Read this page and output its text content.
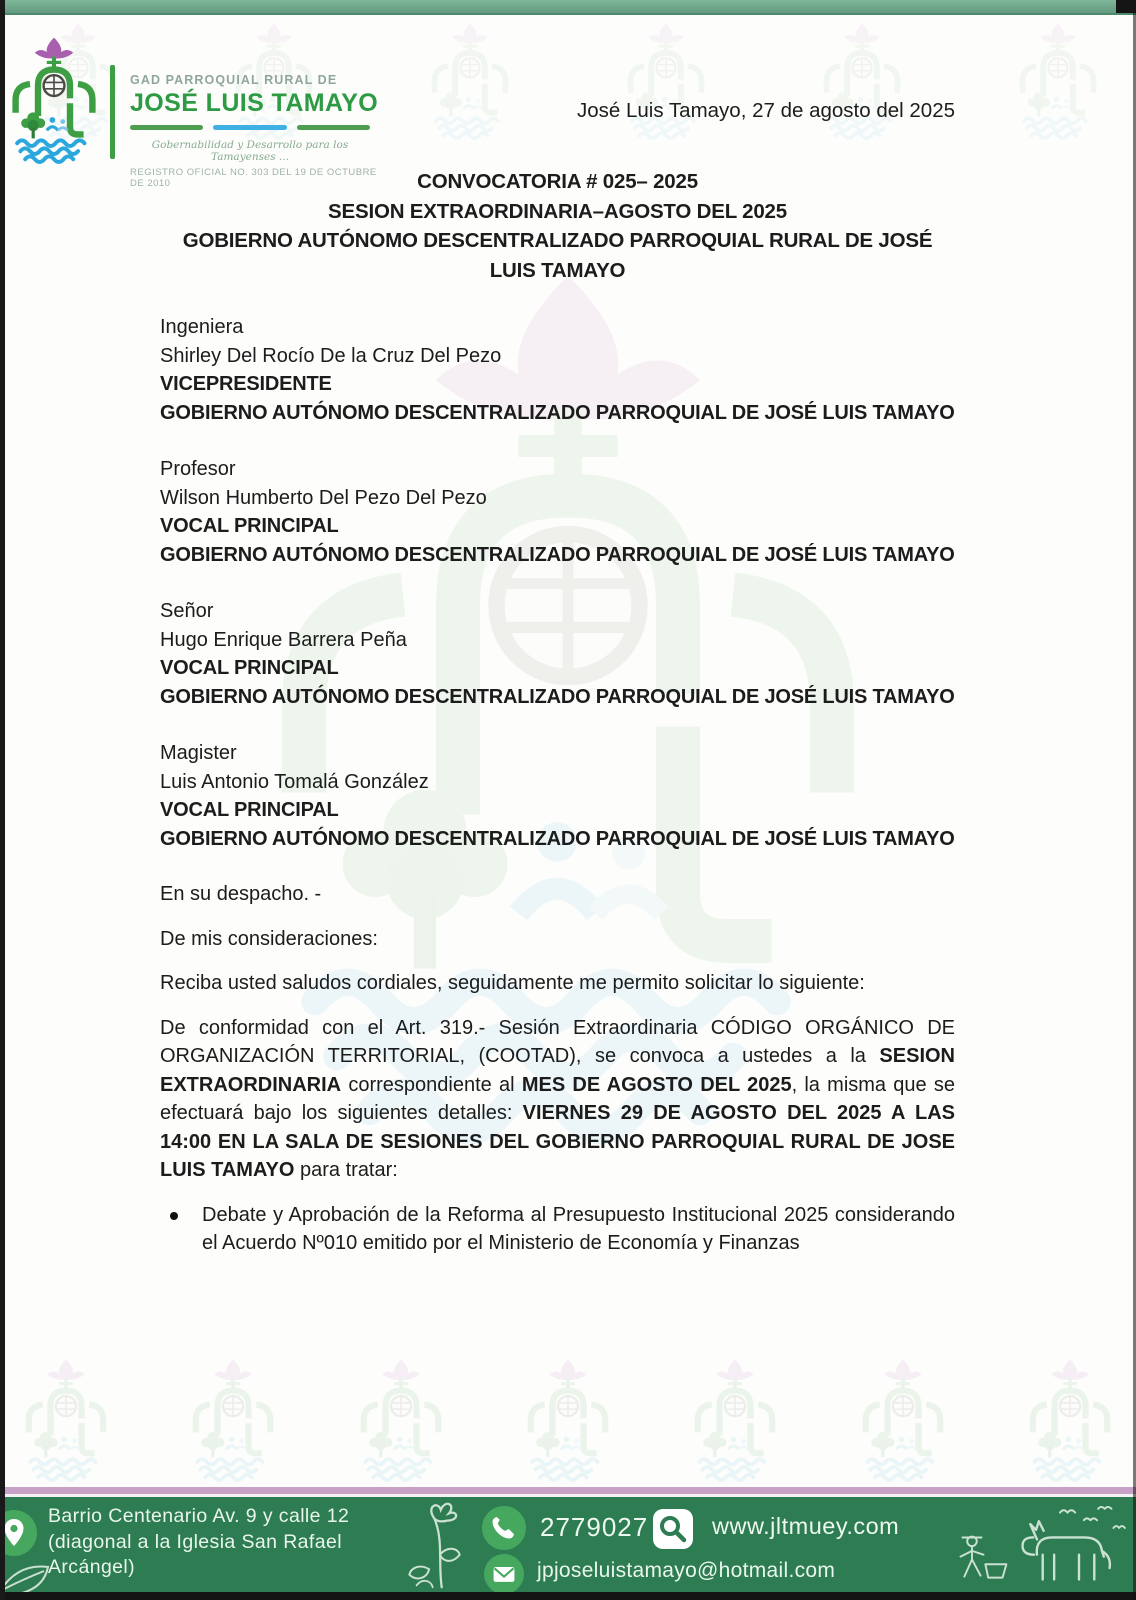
GAD PARROQUIAL RURAL DE
JOSÉ LUIS TAMAYO
Gobernabilidad y Desarrollo para los Tamayenses ...
REGISTRO OFICIAL NO. 303 DEL 19 DE OCTUBRE DE 2010
José Luis Tamayo, 27 de agosto del 2025
CONVOCATORIA # 025– 2025
SESION EXTRAORDINARIA–AGOSTO DEL 2025
GOBIERNO AUTÓNOMO DESCENTRALIZADO PARROQUIAL RURAL DE JOSÉ LUIS TAMAYO
Ingeniera
Shirley Del Rocío De la Cruz Del Pezo
VICEPRESIDENTE
GOBIERNO AUTÓNOMO DESCENTRALIZADO PARROQUIAL DE JOSÉ LUIS TAMAYO
Profesor
Wilson Humberto Del Pezo Del Pezo
VOCAL PRINCIPAL
GOBIERNO AUTÓNOMO DESCENTRALIZADO PARROQUIAL DE JOSÉ LUIS TAMAYO
Señor
Hugo Enrique Barrera Peña
VOCAL PRINCIPAL
GOBIERNO AUTÓNOMO DESCENTRALIZADO PARROQUIAL DE JOSÉ LUIS TAMAYO
Magister
Luis Antonio Tomalá González
VOCAL PRINCIPAL
GOBIERNO AUTÓNOMO DESCENTRALIZADO PARROQUIAL DE JOSÉ LUIS TAMAYO
En su despacho. -
De mis consideraciones:
Reciba usted saludos cordiales, seguidamente me permito solicitar lo siguiente:
De conformidad con el Art. 319.- Sesión Extraordinaria CÓDIGO ORGÁNICO DE ORGANIZACIÓN TERRITORIAL, (COOTAD), se convoca a ustedes a la SESION EXTRAORDINARIA correspondiente al MES DE AGOSTO DEL 2025, la misma que se efectuará bajo los siguientes detalles: VIERNES 29 DE AGOSTO DEL 2025 A LAS 14:00 EN LA SALA DE SESIONES DEL GOBIERNO PARROQUIAL RURAL DE JOSE LUIS TAMAYO para tratar:
Debate y Aprobación de la Reforma al Presupuesto Institucional 2025 considerando el Acuerdo Nº010 emitido por el Ministerio de Economía y Finanzas
Barrio Centenario Av. 9 y calle 12 (diagonal a la Iglesia San Rafael Arcángel)
2779027	www.jltmuey.com
jpjoseluistamayo@hotmail.com
